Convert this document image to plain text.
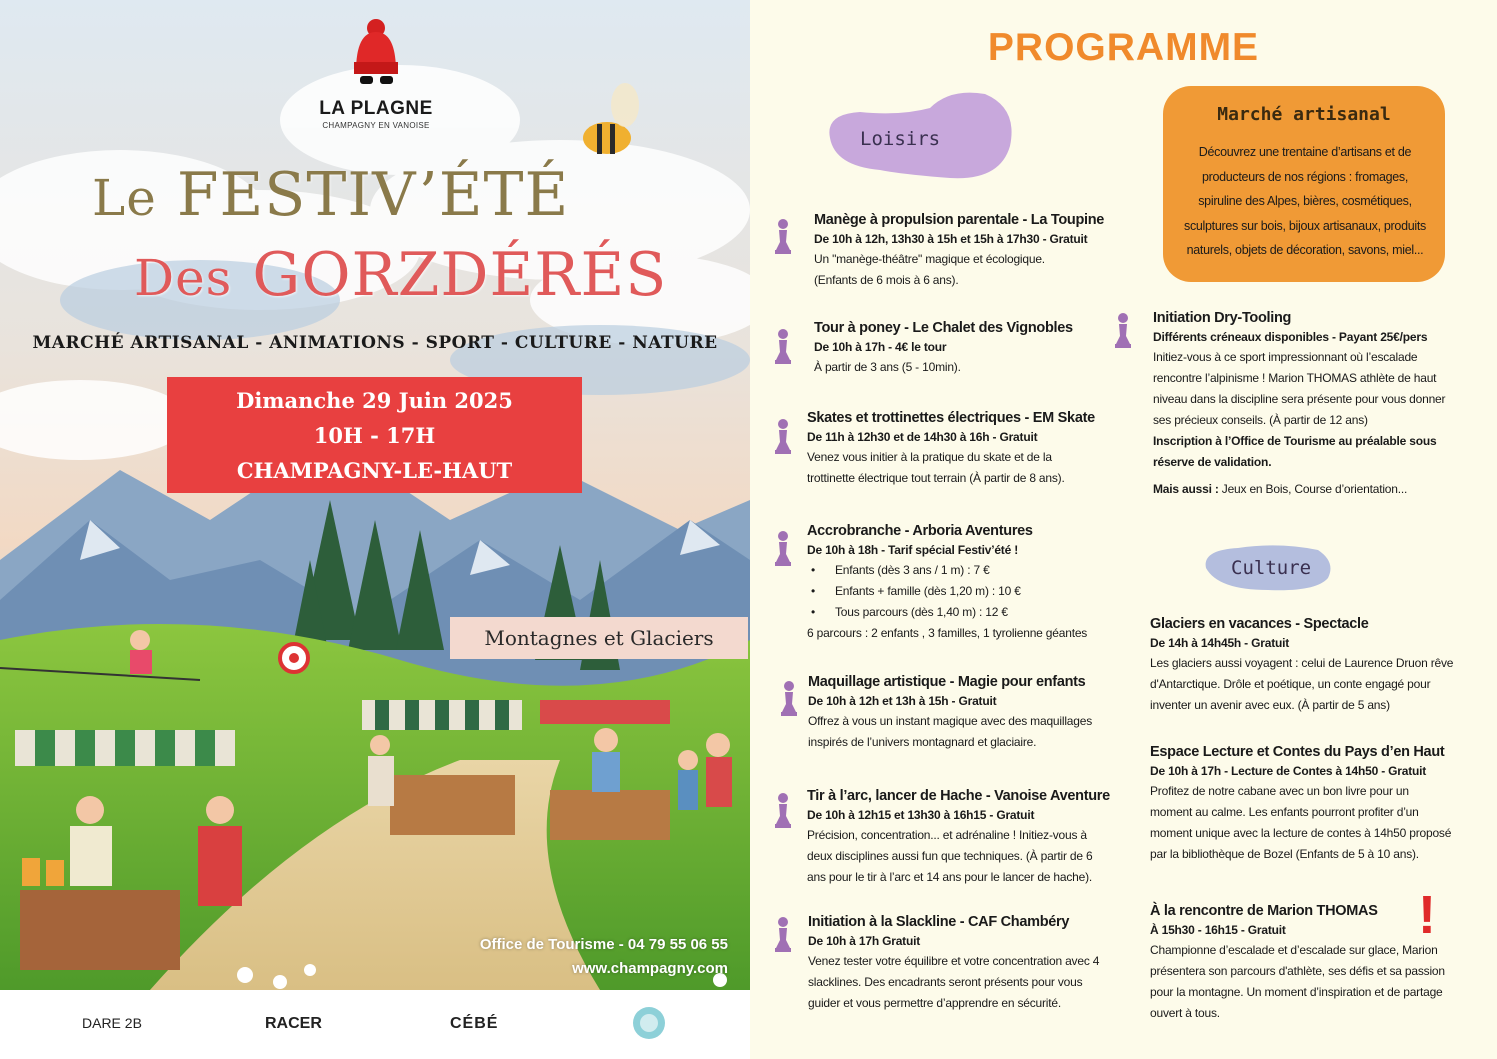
LA PLAGNE
CHAMPAGNY EN VANOISE
Le FESTIV’ÉTÉ
Des GORZDÉRÉS
MARCHÉ ARTISANAL - ANIMATIONS - SPORT - CULTURE - NATURE
Dimanche 29 Juin 2025
10H - 17H
CHAMPAGNY-LE-HAUT
Montagnes et Glaciers
Office de Tourisme - 04 79 55 06 55
www.champagny.com
DARE 2B	RACER	CÉBÉ
PROGRAMME
Loisirs
Culture
Marché artisanal
Découvrez une trentaine d’artisans et de
producteurs de nos régions : fromages,
spiruline des Alpes, bières, cosmétiques,
sculptures sur bois, bijoux artisanaux, produits
naturels, objets de décoration, savons, miel...
Manège à propulsion parentale - La Toupine
De 10h à 12h, 13h30 à 15h et 15h à 17h30 - Gratuit
Un "manège-théâtre" magique et écologique.
(Enfants de 6 mois à 6 ans).
Tour à poney - Le Chalet des Vignobles
De 10h à 17h - 4€ le tour
À partir de 3 ans (5 - 10min).
Skates et trottinettes électriques - EM Skate
De 11h à 12h30 et de 14h30 à 16h - Gratuit
Venez vous initier à la pratique du skate et de la
trottinette électrique tout terrain (À partir de 8 ans).
Accrobranche - Arboria Aventures
De 10h à 18h - Tarif spécial Festiv’été !
• Enfants (dès 3 ans / 1 m) : 7 €
• Enfants + famille (dès 1,20 m) : 10 €
• Tous parcours (dès 1,40 m) : 12 €
6 parcours : 2 enfants , 3 familles, 1 tyrolienne géantes
Maquillage artistique - Magie pour enfants
De 10h à 12h et 13h à 15h - Gratuit
Offrez à vous un instant magique avec des maquillages
inspirés de l’univers montagnard et glaciaire.
Tir à l’arc, lancer de Hache - Vanoise Aventure
De 10h à 12h15 et 13h30 à 16h15 - Gratuit
Précision, concentration... et adrénaline ! Initiez-vous à
deux disciplines aussi fun que techniques. (À partir de 6
ans pour le tir à l’arc et 14 ans pour le lancer de hache).
Initiation à la Slackline - CAF Chambéry
De 10h à 17h Gratuit
Venez tester votre équilibre et votre concentration avec 4
slacklines. Des encadrants seront présents pour vous
guider et vous permettre d’apprendre en sécurité.
Initiation Dry-Tooling
Différents créneaux disponibles - Payant 25€/pers
Initiez-vous à ce sport impressionnant où l’escalade
rencontre l’alpinisme ! Marion THOMAS athlète de haut
niveau dans la discipline sera présente pour vous donner
ses précieux conseils. (À partir de 12 ans)
Inscription à l’Office de Tourisme au préalable sous
réserve de validation.
Mais aussi : Jeux en Bois, Course d’orientation...
Glaciers en vacances - Spectacle
De 14h à 14h45h - Gratuit
Les glaciers aussi voyagent : celui de Laurence Druon rêve
d'Antarctique. Drôle et poétique, un conte engagé pour
inventer un avenir avec eux. (À partir de 5 ans)
Espace Lecture et Contes du Pays d’en Haut
De 10h à 17h - Lecture de Contes à 14h50 - Gratuit
Profitez de notre cabane avec un bon livre pour un
moment au calme. Les enfants pourront profiter d’un
moment unique avec la lecture de contes à 14h50 proposé
par la bibliothèque de Bozel (Enfants de 5 à 10 ans).
À la rencontre de Marion THOMAS
À 15h30 - 16h15 - Gratuit
Championne d’escalade et d’escalade sur glace, Marion
présentera son parcours d'athlète, ses défis et sa passion
pour la montagne. Un moment d’inspiration et de partage
ouvert à tous.
!
